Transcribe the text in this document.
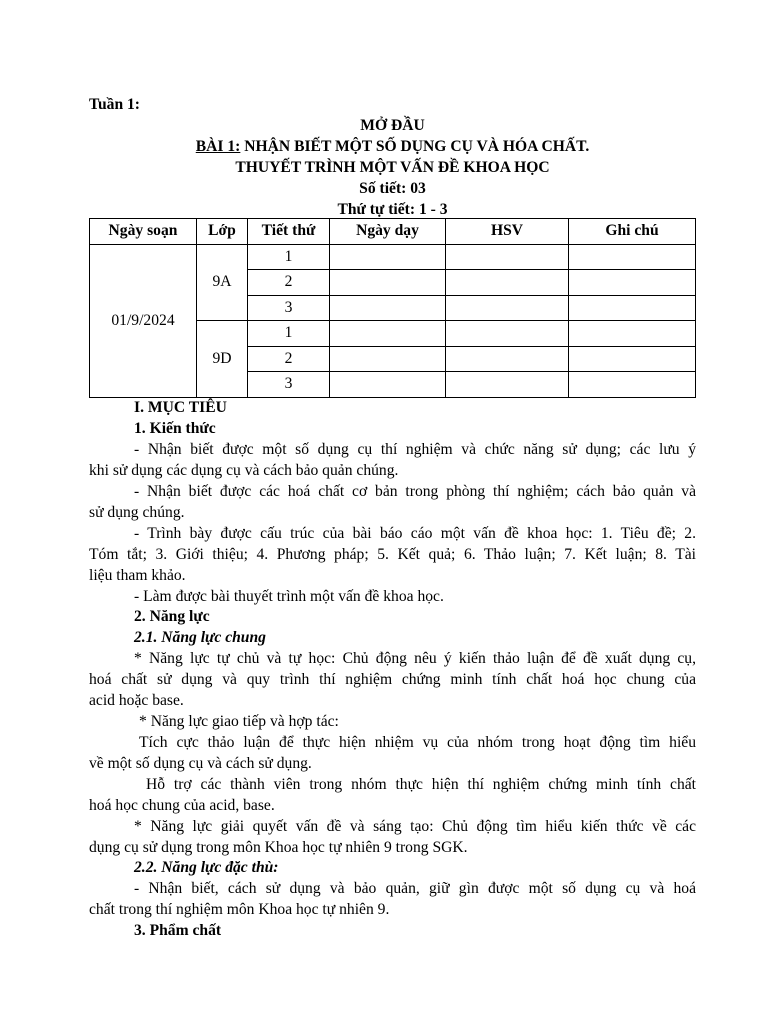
Tuần 1:
MỞ ĐẦU
BÀI 1: NHẬN BIẾT MỘT SỐ DỤNG CỤ VÀ HÓA CHẤT.
THUYẾT TRÌNH MỘT VẤN ĐỀ KHOA HỌC
Số tiết: 03
Thứ tự tiết: 1 - 3
Ngày soạn	Lớp	Tiết thứ	Ngày dạy	HSV	Ghi chú
01/9/2024	9A	1			
		2			
		3			
	9D	1			
		2			
		3			
I. MỤC TIÊU
1. Kiến thức
- Nhận biết được một số dụng cụ thí nghiệm và chức năng sử dụng; các lưu ý
khi sử dụng các dụng cụ và cách bảo quản chúng.
- Nhận biết được các hoá chất cơ bản trong phòng thí nghiệm; cách bảo quản và
sử dụng chúng.
- Trình bày được cấu trúc của bài báo cáo một vấn đề khoa học: 1. Tiêu đề; 2.
Tóm tắt; 3. Giới thiệu; 4. Phương pháp; 5. Kết quả; 6. Thảo luận; 7. Kết luận; 8. Tài
liệu tham khảo.
- Làm được bài thuyết trình một vấn đề khoa học.
2. Năng lực
2.1. Năng lực chung
* Năng lực tự chủ và tự học: Chủ động nêu ý kiến thảo luận để đề xuất dụng cụ,
hoá chất sử dụng và quy trình thí nghiệm chứng minh tính chất hoá học chung của
acid hoặc base.
* Năng lực giao tiếp và hợp tác:
Tích cực thảo luận để thực hiện nhiệm vụ của nhóm trong hoạt động tìm hiểu
về một số dụng cụ và cách sử dụng.
Hỗ trợ các thành viên trong nhóm thực hiện thí nghiệm chứng minh tính chất
hoá học chung của acid, base.
* Năng lực giải quyết vấn đề và sáng tạo: Chủ động tìm hiểu kiến thức về các
dụng cụ sử dụng trong môn Khoa học tự nhiên 9 trong SGK.
2.2. Năng lực đặc thù:
- Nhận biết, cách sử dụng và bảo quản, giữ gìn được một số dụng cụ và hoá
chất trong thí nghiệm môn Khoa học tự nhiên 9.
3. Phẩm chất
